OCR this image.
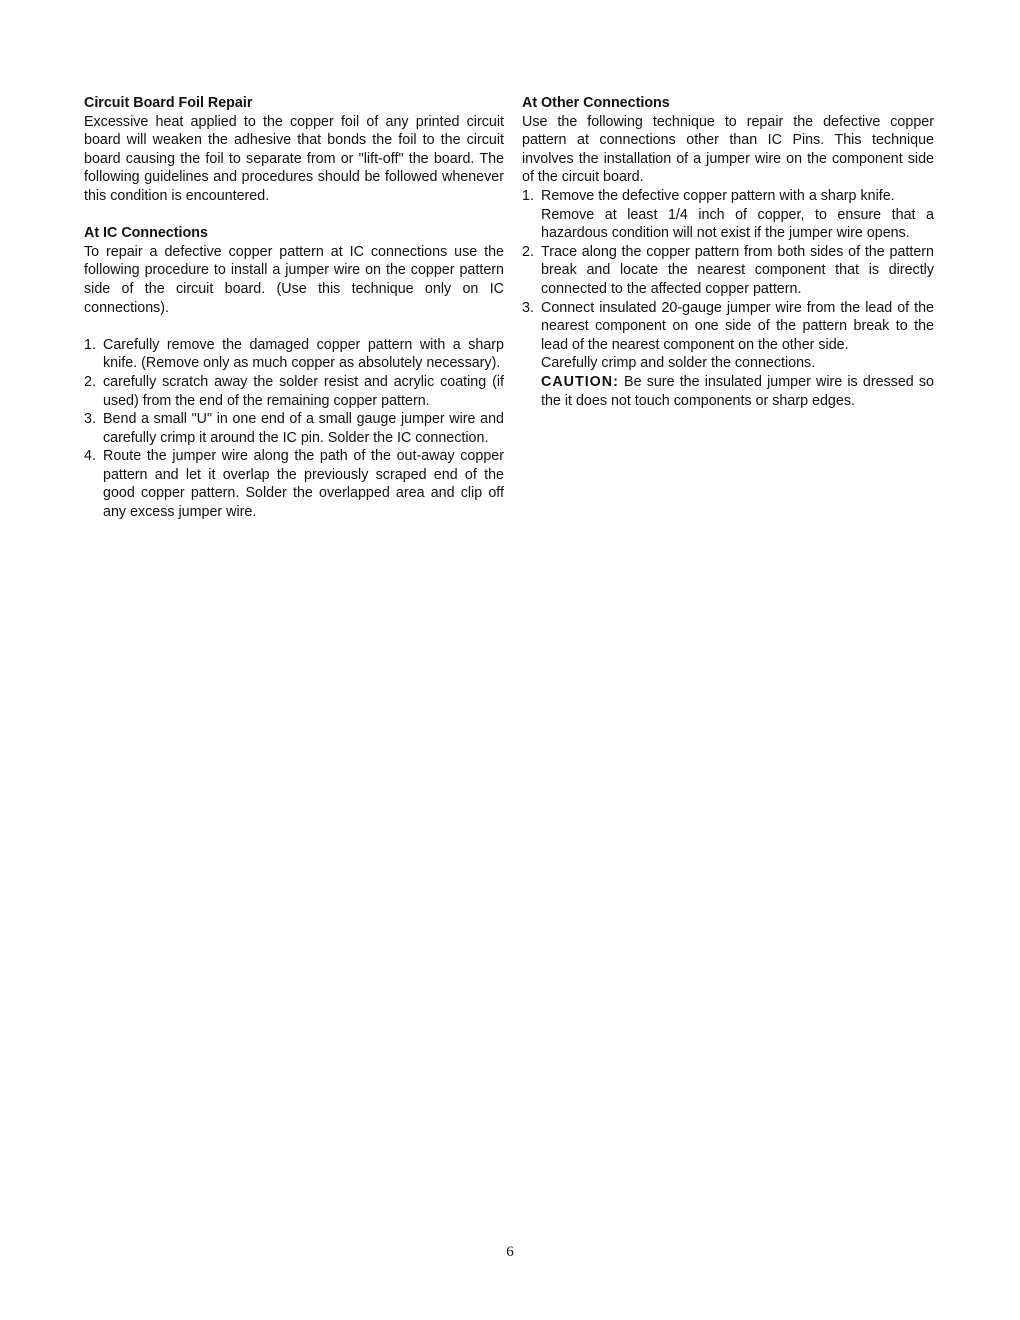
Circuit Board Foil Repair

Excessive heat applied to the copper foil of any printed circuit board will weaken the adhesive that bonds the foil to the circuit board causing the foil to separate from or "lift-off" the board. The following guidelines and procedures should be followed whenever this condition is encountered.

At IC Connections

To repair a defective copper pattern at IC connections use the following procedure to install a jumper wire on the copper pattern side of the circuit board. (Use this technique only on IC connections).

1. Carefully remove the damaged copper pattern with a sharp knife. (Remove only as much copper as absolutely necessary).
2. carefully scratch away the solder resist and acrylic coating (if used) from the end of the remaining copper pattern.
3. Bend a small "U" in one end of a small gauge jumper wire and carefully crimp it around the IC pin. Solder the IC connection.
4. Route the jumper wire along the path of the out-away copper pattern and let it overlap the previously scraped end of the good copper pattern. Solder the overlapped area and clip off any excess jumper wire.

At Other Connections

Use the following technique to repair the defective copper pattern at connections other than IC Pins. This technique involves the installation of a jumper wire on the component side of the circuit board.

1. Remove the defective copper pattern with a sharp knife.

Remove at least 1/4 inch of copper, to ensure that a hazardous condition will not exist if the jumper wire opens.

2. Trace along the copper pattern from both sides of the pattern break and locate the nearest component that is directly connected to the affected copper pattern.
3. Connect insulated 20-gauge jumper wire from the lead of the nearest component on one side of the pattern break to the lead of the nearest component on the other side.

Carefully crimp and solder the connections.

CAUTION: Be sure the insulated jumper wire is dressed so the it does not touch components or sharp edges.

6
